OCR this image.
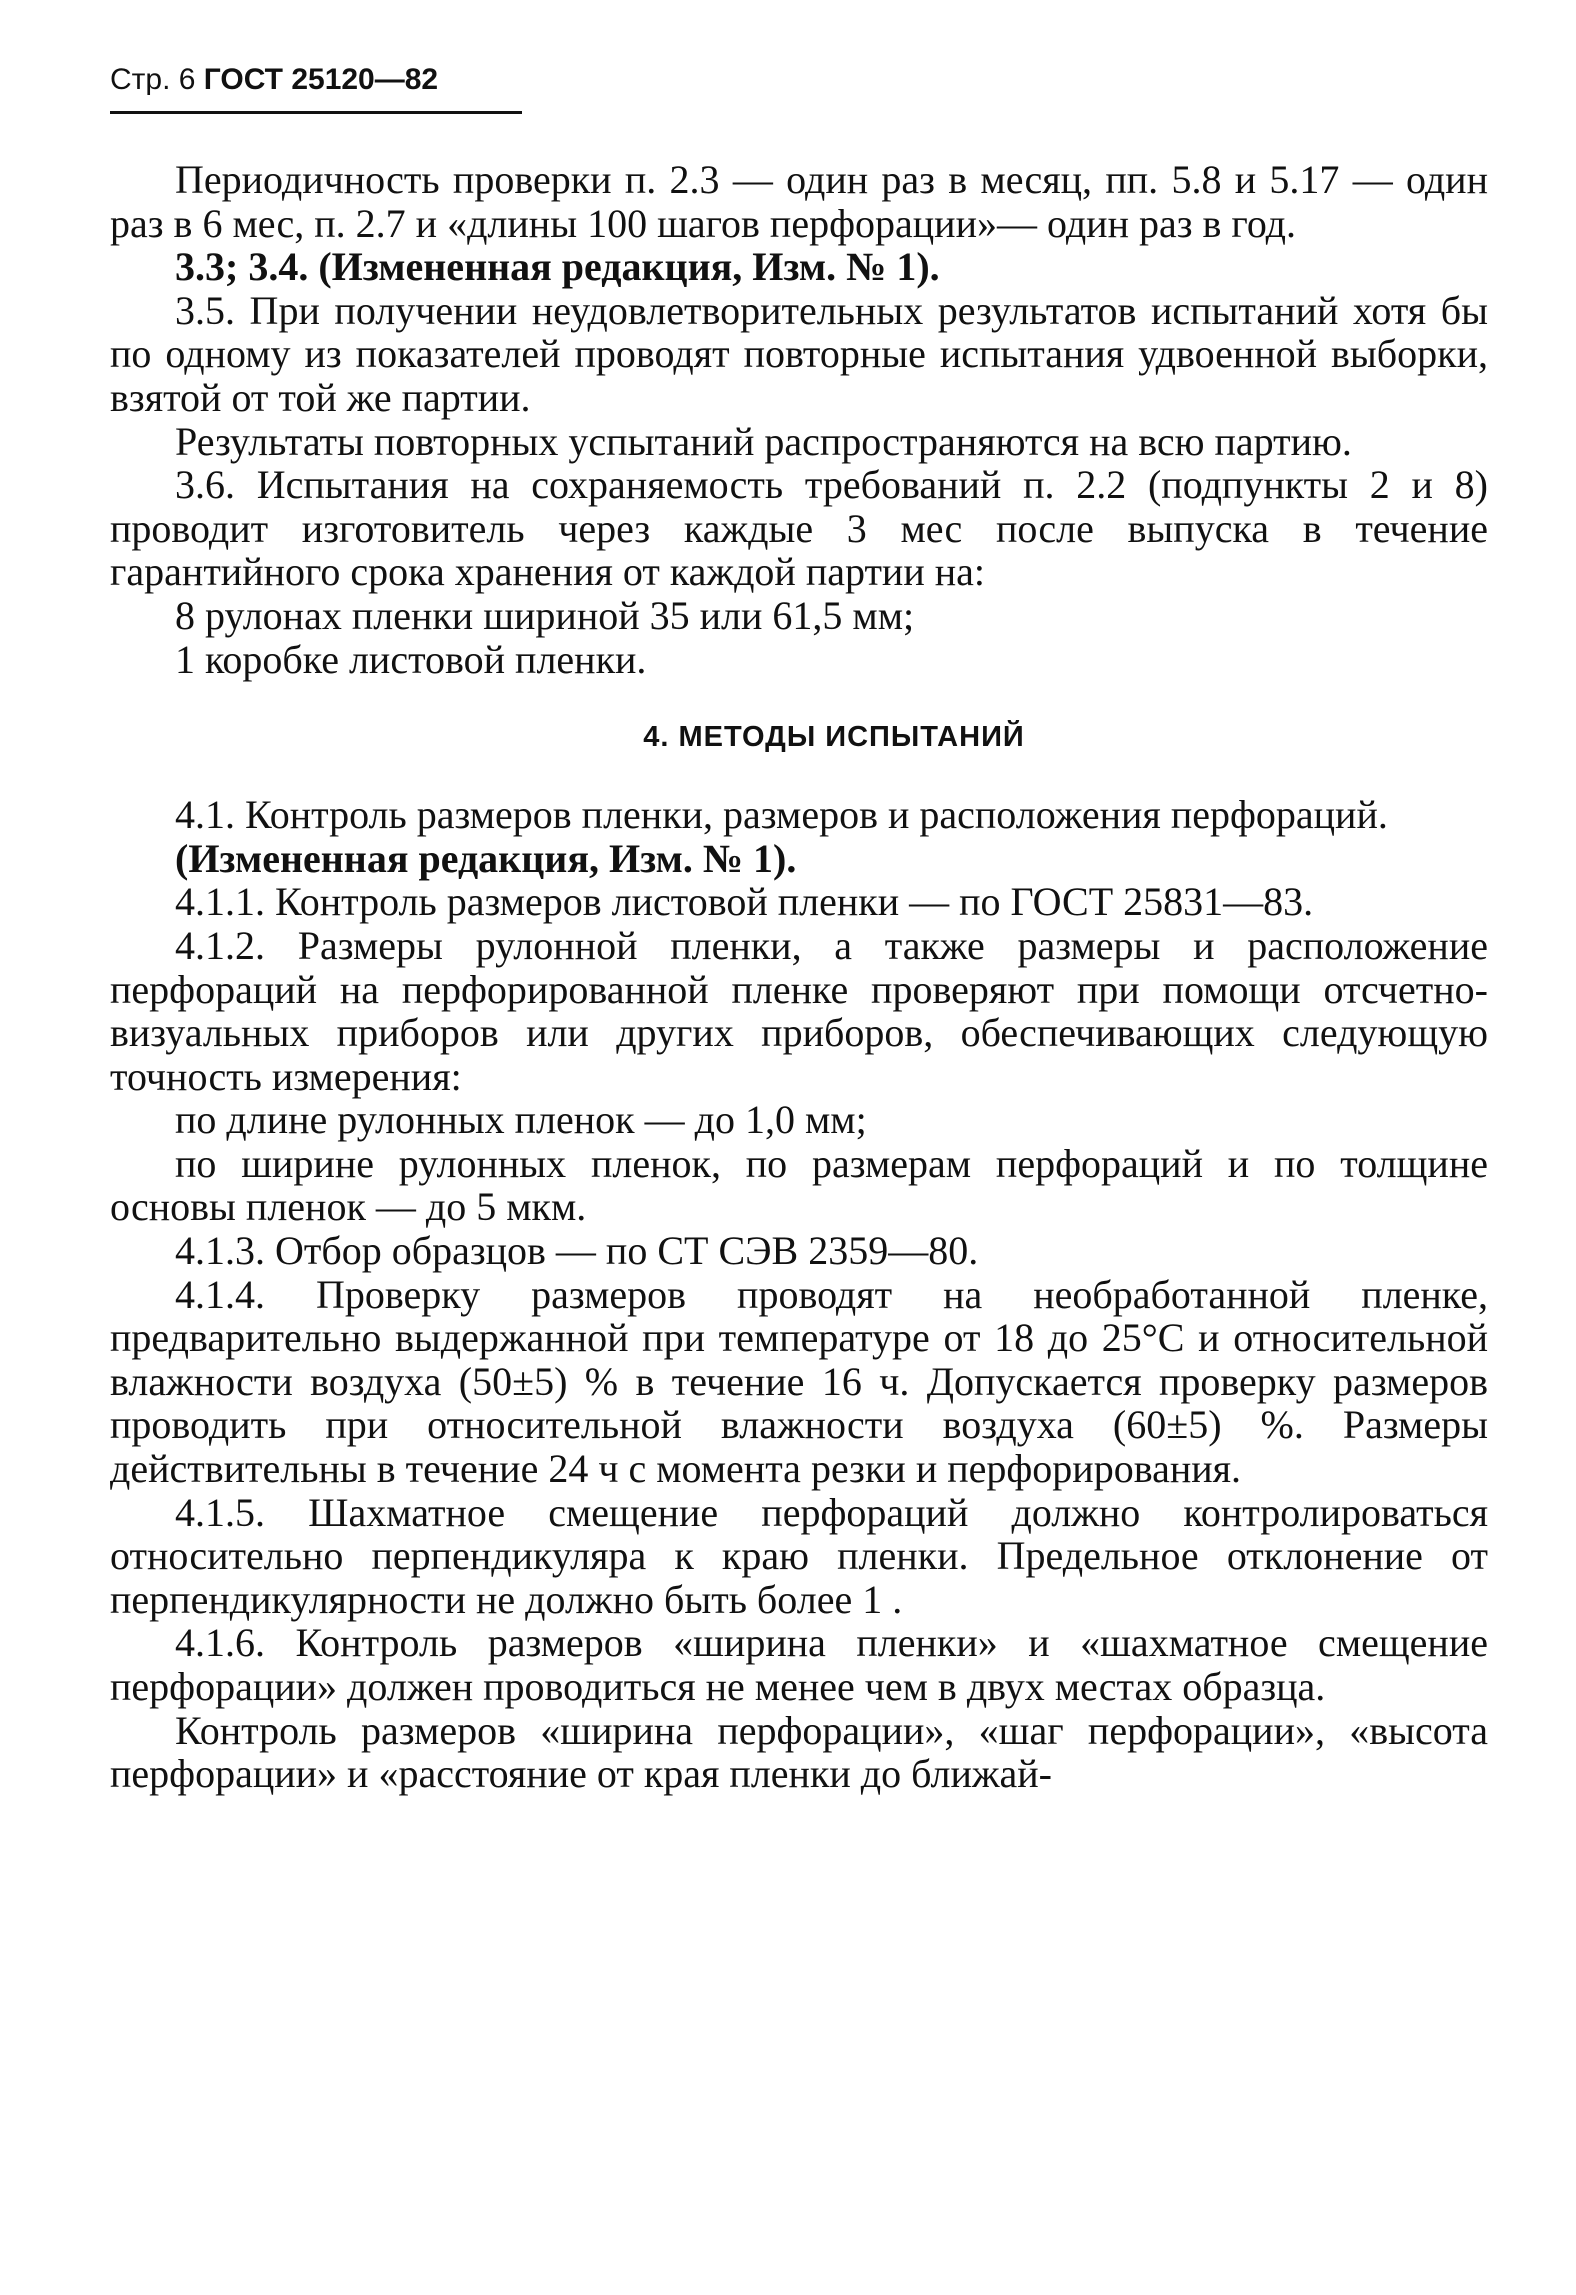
Стр. 6 ГОСТ 25120—82

Периодичность проверки п. 2.3 — один раз в месяц, пп. 5.8 и 5.17 — один раз в 6 мес, п. 2.7 и «длины 100 шагов перфорации»— один раз в год.

3.3; 3.4. (Измененная редакция, Изм. № 1).

3.5. При получении неудовлетворительных результатов испытаний хотя бы по одному из показателей проводят повторные испытания удвоенной выборки, взятой от той же партии.

Результаты повторных успытаний распространяются на всю партию.

3.6. Испытания на сохраняемость требований п. 2.2 (подпункты 2 и 8) проводит изготовитель через каждые 3 мес после выпуска в течение гарантийного срока хранения от каждой партии на:

8 рулонах пленки шириной 35 или 61,5 мм;

1 коробке листовой пленки.

4. МЕТОДЫ ИСПЫТАНИЙ

4.1. Контроль размеров пленки, размеров и расположения перфораций.

(Измененная редакция, Изм. № 1).

4.1.1. Контроль размеров листовой пленки — по ГОСТ 25831—83.

4.1.2. Размеры рулонной пленки, а также размеры и расположение перфораций на перфорированной пленке проверяют при помощи отсчетно-визуальных приборов или других приборов, обеспечивающих следующую точность измерения:

по длине рулонных пленок — до 1,0 мм;

по ширине рулонных пленок, по размерам перфораций и по толщине основы пленок — до 5 мкм.

4.1.3. Отбор образцов — по СТ СЭВ 2359—80.

4.1.4. Проверку размеров проводят на необработанной пленке, предварительно выдержанной при температуре от 18 до 25°С и относительной влажности воздуха (50±5) % в течение 16 ч. Допускается проверку размеров проводить при относительной влажности воздуха (60±5) %. Размеры действительны в течение 24 ч с момента резки и перфорирования.

4.1.5. Шахматное смещение перфораций должно контролироваться относительно перпендикуляра к краю пленки. Предельное отклонение от перпендикулярности не должно быть более 1 .

4.1.6. Контроль размеров «ширина пленки» и «шахматное смещение перфорации» должен проводиться не менее чем в двух местах образца.

Контроль размеров «ширина перфорации», «шаг перфорации», «высота перфорации» и «расстояние от края пленки до ближай-
